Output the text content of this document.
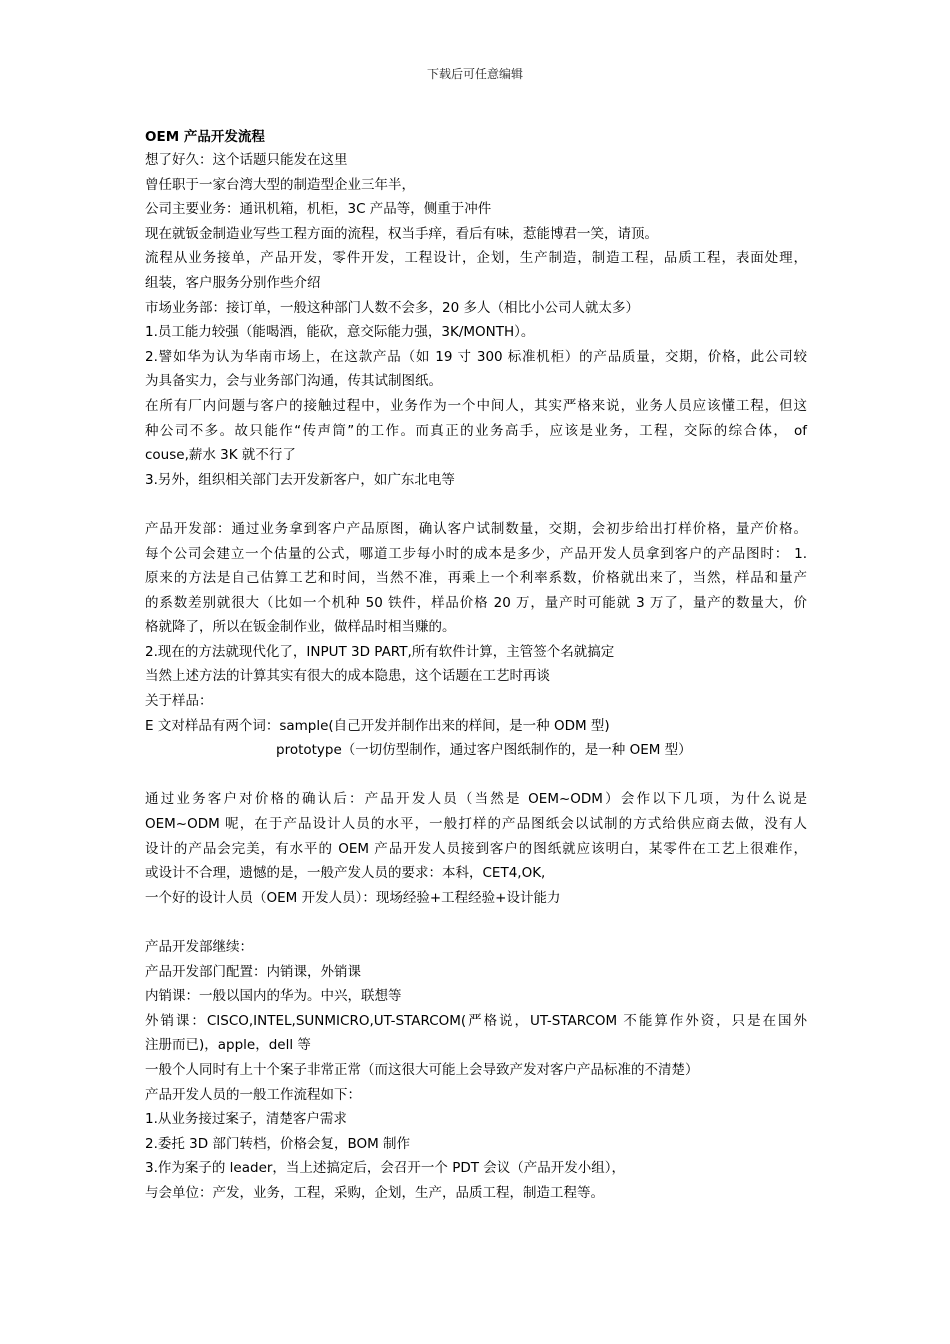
下载后可任意编辑
OEM 产品开发流程
想了好久：这个话题只能发在这里
曾任职于一家台湾大型的制造型企业三年半，
公司主要业务：通讯机箱，机柜，3C 产品等，侧重于冲件
现在就钣金制造业写些工程方面的流程，权当手痒，看后有味，惹能博君一笑，请顶。
流程从业务接单，产品开发，零件开发，工程设计，企划，生产制造，制造工程，品质工程，表面处理，
组装，客户服务分别作些介绍
市场业务部：接订单，一般这种部门人数不会多，20 多人（相比小公司人就太多）
1.员工能力较强（能喝酒，能砍，意交际能力强，3K/MONTH）。
2.譬如华为认为华南市场上，在这款产品（如 19 寸 300 标准机柜）的产品质量，交期，价格，此公司较
为具备实力，会与业务部门沟通，传其试制图纸。
在所有厂内问题与客户的接触过程中，业务作为一个中间人，其实严格来说，业务人员应该懂工程，但这
种公司不多。故只能作“传声筒”的工作。而真正的业务高手，应该是业务，工程，交际的综合体， of
couse,薪水 3K 就不行了
3.另外，组织相关部门去开发新客户，如广东北电等
产品开发部：通过业务拿到客户产品原图，确认客户试制数量，交期，会初步给出打样价格，量产价格。
每个公司会建立一个估量的公式，哪道工步每小时的成本是多少，产品开发人员拿到客户的产品图时： 1.
原来的方法是自己估算工艺和时间，当然不准，再乘上一个利率系数，价格就出来了，当然，样品和量产
的系数差别就很大（比如一个机种 50 铁件，样品价格 20 万，量产时可能就 3 万了，量产的数量大，价
格就降了，所以在钣金制作业，做样品时相当赚的。
2.现在的方法就现代化了，INPUT 3D PART,所有软件计算，主管签个名就搞定
当然上述方法的计算其实有很大的成本隐患，这个话题在工艺时再谈
关于样品：
E 文对样品有两个词：sample(自己开发并制作出来的样间，是一种 ODM 型)
prototype（一切仿型制作，通过客户图纸制作的，是一种 OEM 型）
通过业务客户对价格的确认后：产品开发人员（当然是 OEM~ODM）会作以下几项，为什么说是
OEM~ODM 呢，在于产品设计人员的水平，一般打样的产品图纸会以试制的方式给供应商去做，没有人
设计的产品会完美，有水平的 OEM 产品开发人员接到客户的图纸就应该明白，某零件在工艺上很难作，
或设计不合理，遗憾的是，一般产发人员的要求：本科，CET4,OK,
一个好的设计人员（OEM 开发人员）：现场经验+工程经验+设计能力
产品开发部继续：
产品开发部门配置：内销课，外销课
内销课：一般以国内的华为。中兴，联想等
外销课：CISCO,INTEL,SUNMICRO,UT-STARCOM(严格说，UT-STARCOM 不能算作外资，只是在国外
注册而已)，apple，dell 等
一般个人同时有上十个案子非常正常（而这很大可能上会导致产发对客户产品标准的不清楚）
产品开发人员的一般工作流程如下：
1.从业务接过案子，清楚客户需求
2.委托 3D 部门转档，价格会复，BOM 制作
3.作为案子的 leader，当上述搞定后，会召开一个 PDT 会议（产品开发小组），
与会单位：产发，业务，工程，采购，企划，生产，品质工程，制造工程等。
